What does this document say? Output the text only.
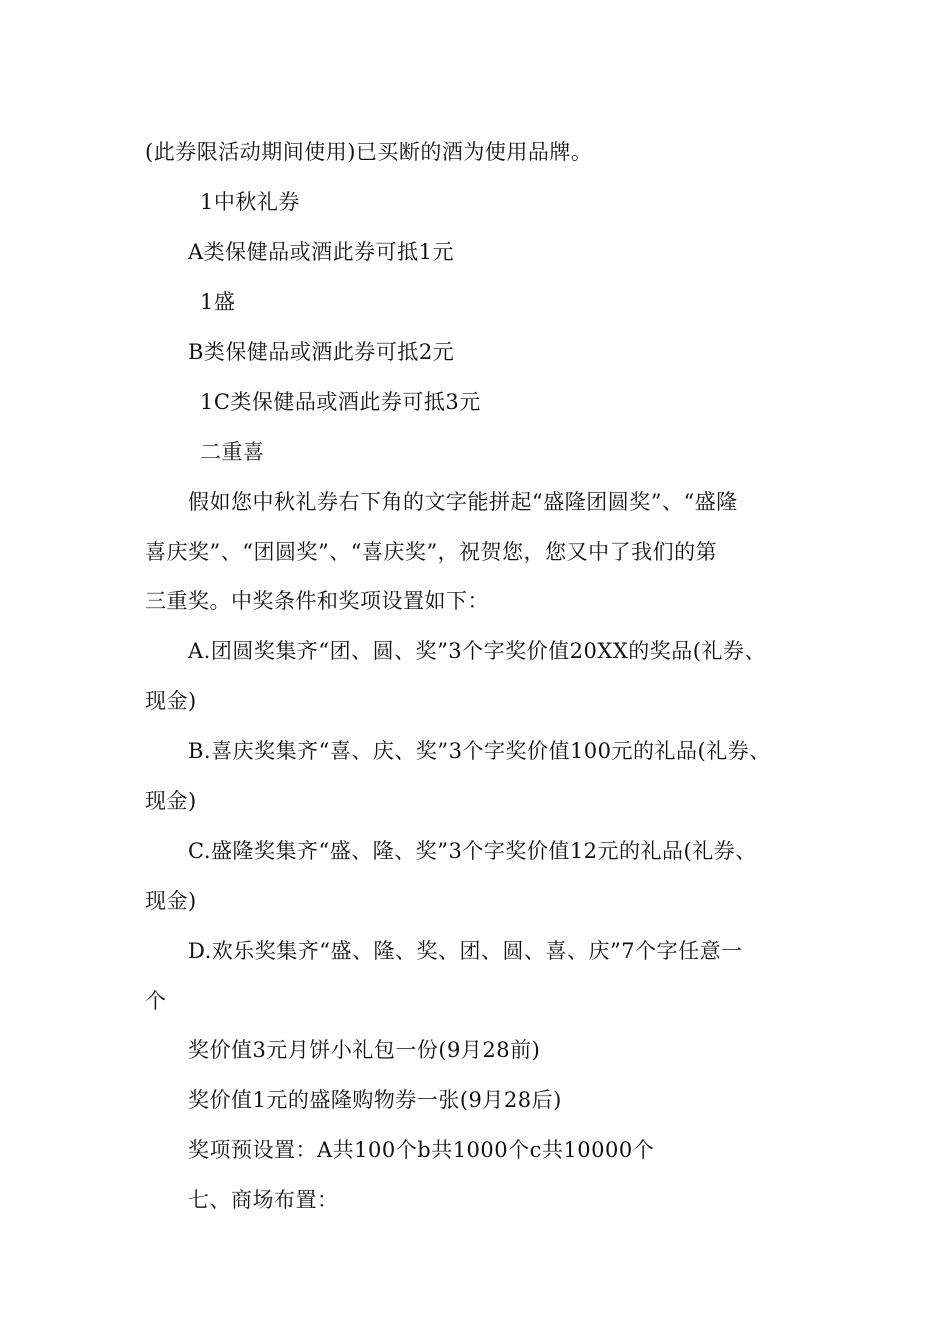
(此券限活动期间使用)已买断的酒为使用品牌。
1中秋礼券
A类保健品或酒此券可抵1元
1盛
B类保健品或酒此券可抵2元
1C类保健品或酒此券可抵3元
二重喜
假如您中秋礼券右下角的文字能拼起“盛隆团圆奖”、“盛隆
喜庆奖”、“团圆奖”、“喜庆奖”，祝贺您，您又中了我们的第
三重奖。中奖条件和奖项设置如下：
A.团圆奖集齐“团、圆、奖”3个字奖价值20XX的奖品(礼券、
现金)
B.喜庆奖集齐“喜、庆、奖”3个字奖价值100元的礼品(礼券、
现金)
C.盛隆奖集齐“盛、隆、奖”3个字奖价值12元的礼品(礼券、
现金)
D.欢乐奖集齐“盛、隆、奖、团、圆、喜、庆”7个字任意一
个
奖价值3元月饼小礼包一份(9月28前)
奖价值1元的盛隆购物券一张(9月28后)
奖项预设置：A共100个b共1000个c共10000个
七、商场布置：
